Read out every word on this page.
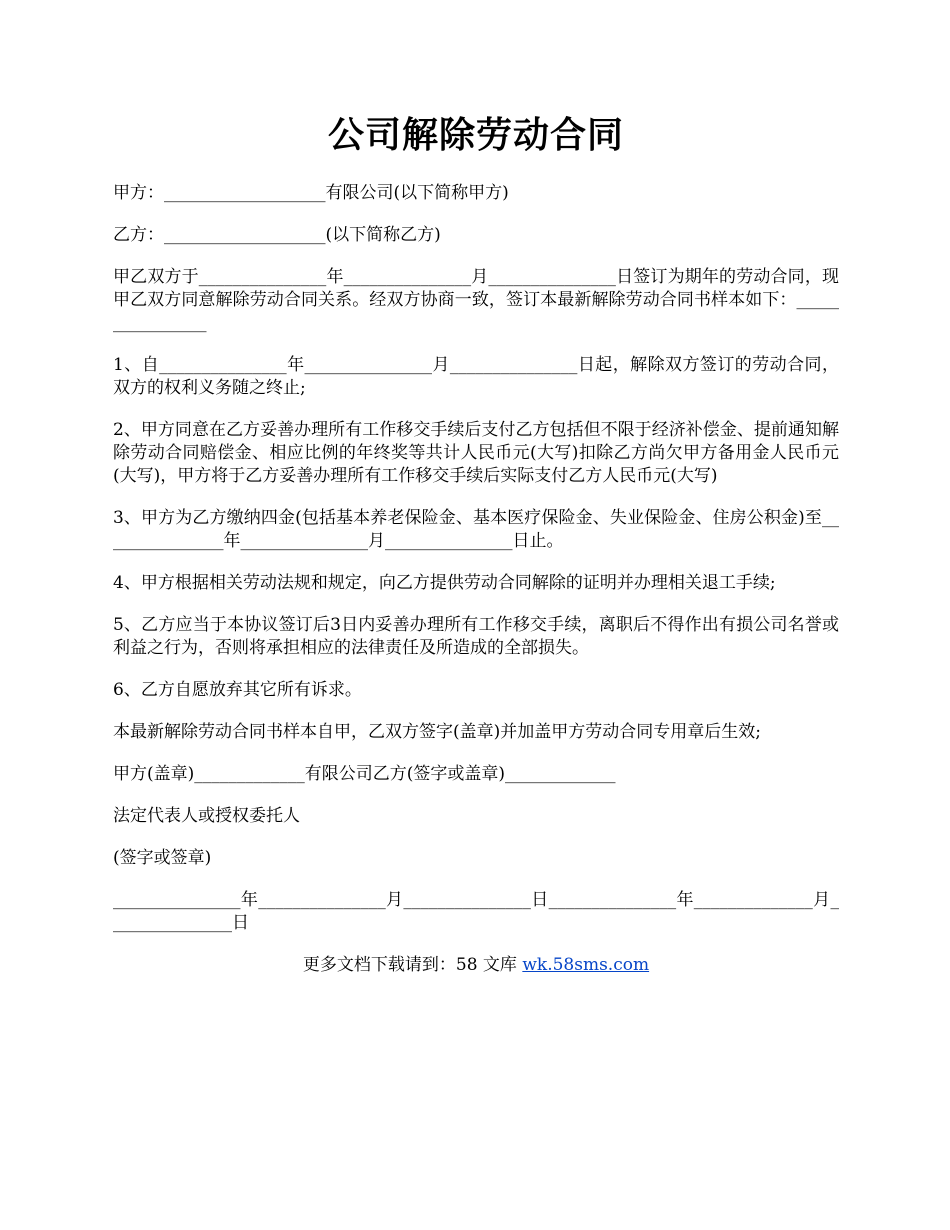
公司解除劳动合同

甲方：___________________有限公司(以下简称甲方)

乙方：___________________(以下简称乙方)

甲乙双方于_______________年_______________月_______________日签订为期年的劳动合同，现甲乙双方同意解除劳动合同关系。经双方协商一致，签订本最新解除劳动合同书样本如下：________________

1、自_______________年_______________月_______________日起，解除双方签订的劳动合同，双方的权利义务随之终止;

2、甲方同意在乙方妥善办理所有工作移交手续后支付乙方包括但不限于经济补偿金、提前通知解除劳动合同赔偿金、相应比例的年终奖等共计人民币元(大写)扣除乙方尚欠甲方备用金人民币元(大写)，甲方将于乙方妥善办理所有工作移交手续后实际支付乙方人民币元(大写)

3、甲方为乙方缴纳四金(包括基本养老保险金、基本医疗保险金、失业保险金、住房公积金)至_______________年_______________月_______________日止。

4、甲方根据相关劳动法规和规定，向乙方提供劳动合同解除的证明并办理相关退工手续;

5、乙方应当于本协议签订后3日内妥善办理所有工作移交手续，离职后不得作出有损公司名誉或利益之行为，否则将承担相应的法律责任及所造成的全部损失。

6、乙方自愿放弃其它所有诉求。

本最新解除劳动合同书样本自甲，乙双方签字(盖章)并加盖甲方劳动合同专用章后生效;

甲方(盖章)_____________有限公司乙方(签字或盖章)_____________

法定代表人或授权委托人

(签字或签章)

_______________年_______________月_______________日_______________年______________月_______________日

更多文档下载请到：58 文库 wk.58sms.com
